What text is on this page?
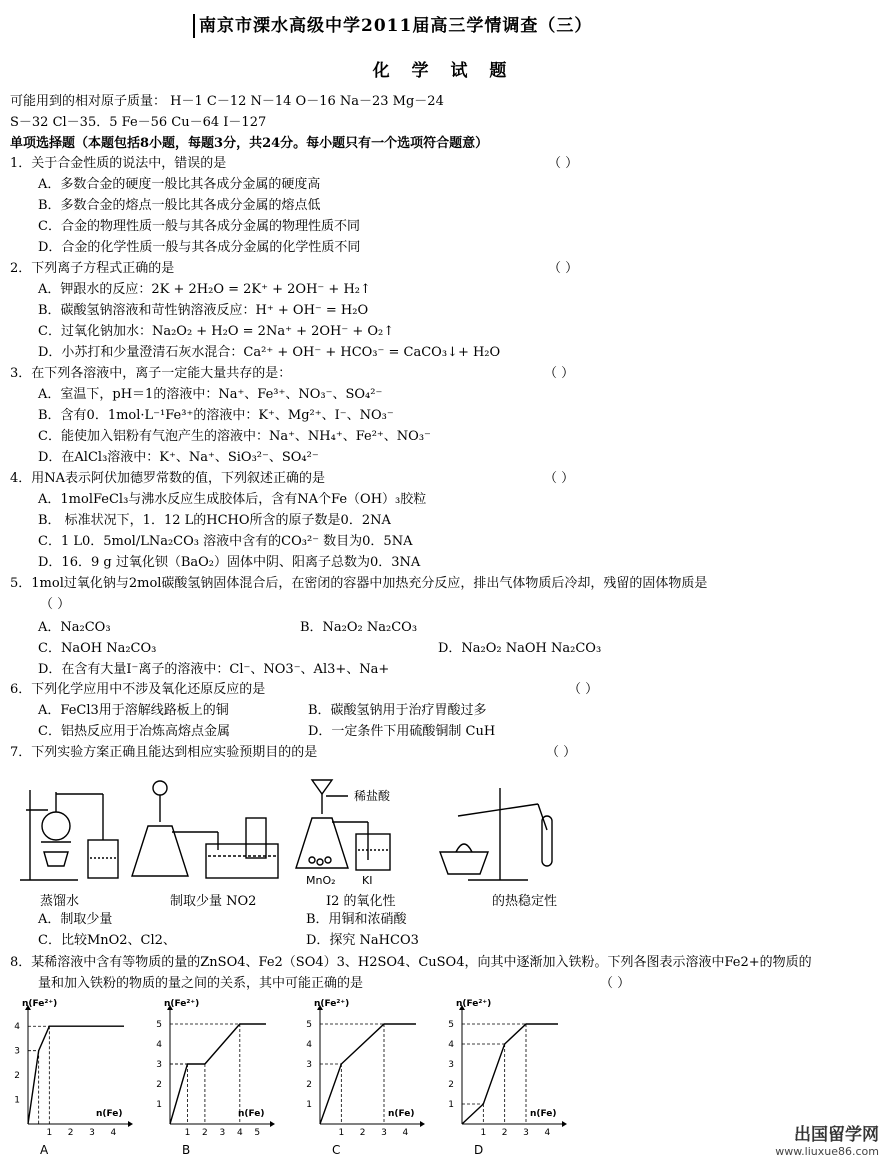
南京市溧水高级中学2011届高三学情调查（三）
化 学 试 题
可能用到的相对原子质量： H－1 C－12 N－14 O－16 Na－23 Mg－24
S－32 Cl－35．5 Fe－56 Cu－64 I－127
单项选择题（本题包括8小题，每题3分，共24分。每小题只有一个选项符合题意）
1．关于合金性质的说法中，错误的是	（ ）
A．多数合金的硬度一般比其各成分金属的硬度高
B．多数合金的熔点一般比其各成分金属的熔点低
C．合金的物理性质一般与其各成分金属的物理性质不同
D．合金的化学性质一般与其各成分金属的化学性质不同
2．下列离子方程式正确的是	（ ）
A．钾跟水的反应：2K + 2H₂O = 2K⁺ + 2OH⁻ + H₂↑
B．碳酸氢钠溶液和苛性钠溶液反应：H⁺ + OH⁻ = H₂O
C．过氧化钠加水：Na₂O₂ + H₂O = 2Na⁺ + 2OH⁻ + O₂↑
D．小苏打和少量澄清石灰水混合：Ca²⁺ + OH⁻ + HCO₃⁻ = CaCO₃↓+ H₂O
3．在下列各溶液中，离子一定能大量共存的是：	（ ）
A．室温下，pH＝1的溶液中：Na⁺、Fe³⁺、NO₃⁻、SO₄²⁻
B．含有0．1mol·L⁻¹Fe³⁺的溶液中：K⁺、Mg²⁺、I⁻、NO₃⁻
C．能使加入铝粉有气泡产生的溶液中：Na⁺、NH₄⁺、Fe²⁺、NO₃⁻
D．在AlCl₃溶液中：K⁺、Na⁺、SiO₃²⁻、SO₄²⁻
4．用NA表示阿伏加德罗常数的值，下列叙述正确的是	（ ）
A．1molFeCl₃与沸水反应生成胶体后，含有NA个Fe（OH）₃胶粒
B． 标准状况下，1．12 L的HCHO所含的原子数是0．2NA
C．1 L0．5mol/LNa₂CO₃ 溶液中含有的CO₃²⁻ 数目为0．5NA
D．16．9 g 过氧化钡（BaO₂）固体中阴、阳离子总数为0．3NA
5．1mol过氧化钠与2mol碳酸氢钠固体混合后，在密闭的容器中加热充分反应，排出气体物质后冷却，残留的固体物质是
（ ）
A．Na₂CO₃	B．Na₂O₂ Na₂CO₃
C．NaOH Na₂CO₃	D．Na₂O₂ NaOH Na₂CO₃
D．在含有大量I⁻离子的溶液中：Cl⁻、NO3⁻、Al3+、Na+
6．下列化学应用中不涉及氧化还原反应的是	（ ）
A．FeCl3用于溶解线路板上的铜	B．碳酸氢钠用于治疗胃酸过多
C．铝热反应用于冶炼高熔点金属	D．一定条件下用硫酸铜制 CuH
7．下列实验方案正确且能达到相应实验预期目的的是	（ ）
稀盐酸
MnO₂ KI
蒸馏水	制取少量 NO2	I2 的氧化性	的热稳定性
A．制取少量	B．用铜和浓硝酸
C．比较MnO2、Cl2、	D．探究 NaHCO3
8．某稀溶液中含有等物质的量的ZnSO4、Fe2（SO4）3、H2SO4、CuSO4，向其中逐渐加入铁粉。下列各图表示溶液中Fe2+的物质的
量和加入铁粉的物质的量之间的关系，其中可能正确的是	（ ）
n(Fe²⁺)
n(Fe)
1
2
3
4
1 2 3 4
A
n(Fe²⁺)
n(Fe)
1
2
3
4
5
1 2 3 4 5
B
n(Fe²⁺)
n(Fe)
1
2
3
4
5
1 2 3 4
C
n(Fe²⁺)
n(Fe)
1
2
3
4
5
1 2 3 4
D
出国留学网
www.liuxue86.com
